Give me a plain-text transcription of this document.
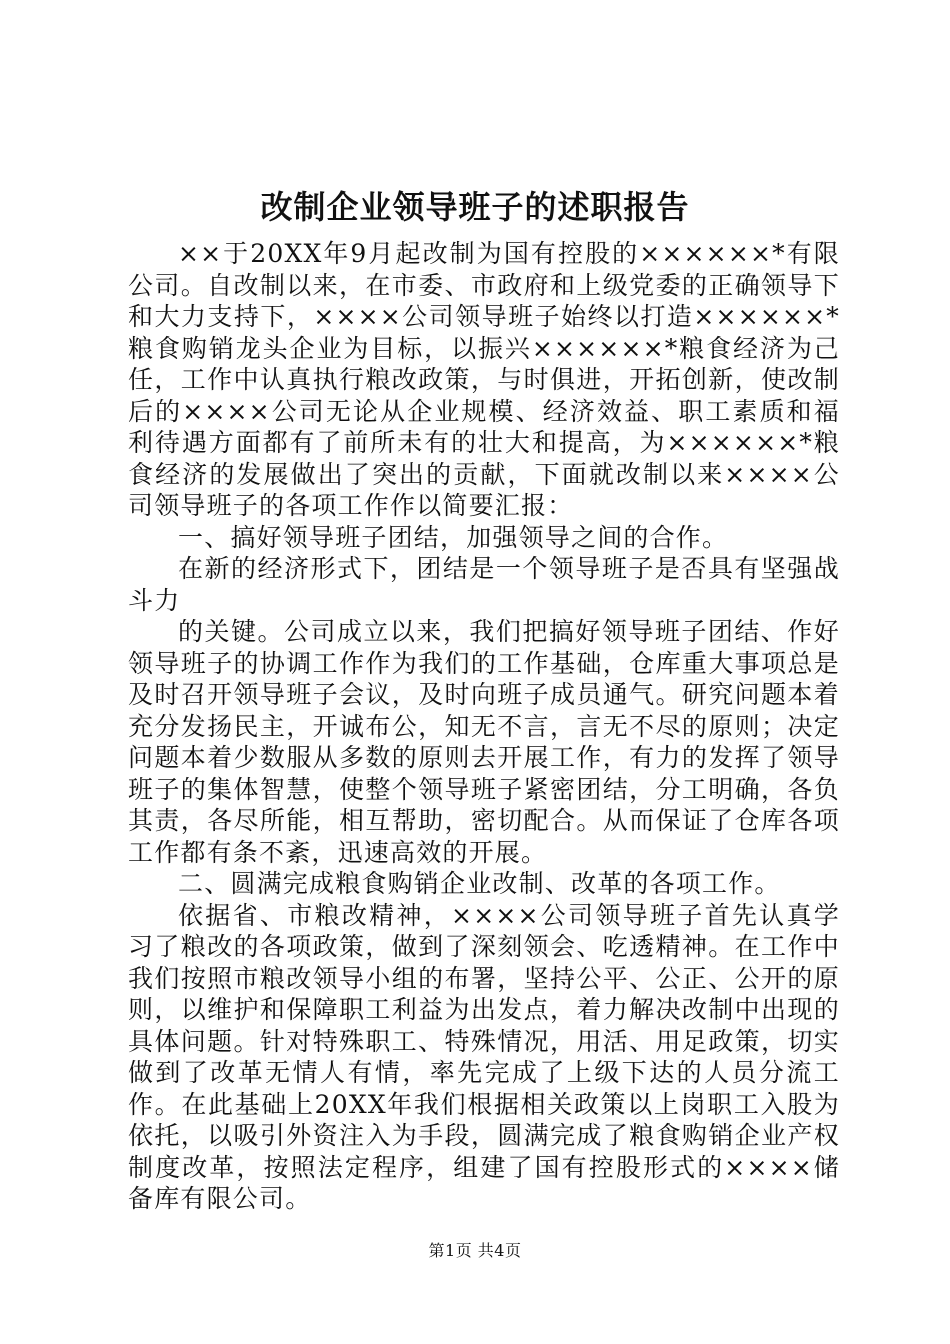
改制企业领导班子的述职报告

××于20XX年9月起改制为国有控股的××××××*有限公司。自改制以来，在市委、市政府和上级党委的正确领导下和大力支持下，××××公司领导班子始终以打造××××××*粮食购销龙头企业为目标，以振兴××××××*粮食经济为己任，工作中认真执行粮改政策，与时俱进，开拓创新，使改制后的××××公司无论从企业规模、经济效益、职工素质和福利待遇方面都有了前所未有的壮大和提高，为××××××*粮食经济的发展做出了突出的贡献，下面就改制以来××××公司领导班子的各项工作作以简要汇报：

一、搞好领导班子团结，加强领导之间的合作。

在新的经济形式下，团结是一个领导班子是否具有坚强战斗力

的关键。公司成立以来，我们把搞好领导班子团结、作好领导班子的协调工作作为我们的工作基础，仓库重大事项总是及时召开领导班子会议，及时向班子成员通气。研究问题本着充分发扬民主，开诚布公，知无不言，言无不尽的原则；决定问题本着少数服从多数的原则去开展工作，有力的发挥了领导班子的集体智慧，使整个领导班子紧密团结，分工明确，各负其责，各尽所能，相互帮助，密切配合。从而保证了仓库各项工作都有条不紊，迅速高效的开展。

二、圆满完成粮食购销企业改制、改革的各项工作。

依据省、市粮改精神，××××公司领导班子首先认真学习了粮改的各项政策，做到了深刻领会、吃透精神。在工作中我们按照市粮改领导小组的布署，坚持公平、公正、公开的原则，以维护和保障职工利益为出发点，着力解决改制中出现的具体问题。针对特殊职工、特殊情况，用活、用足政策，切实做到了改革无情人有情，率先完成了上级下达的人员分流工作。在此基础上20XX年我们根据相关政策以上岗职工入股为依托，以吸引外资注入为手段，圆满完成了粮食购销企业产权制度改革，按照法定程序，组建了国有控股形式的××××储备库有限公司。

第1页 共4页
